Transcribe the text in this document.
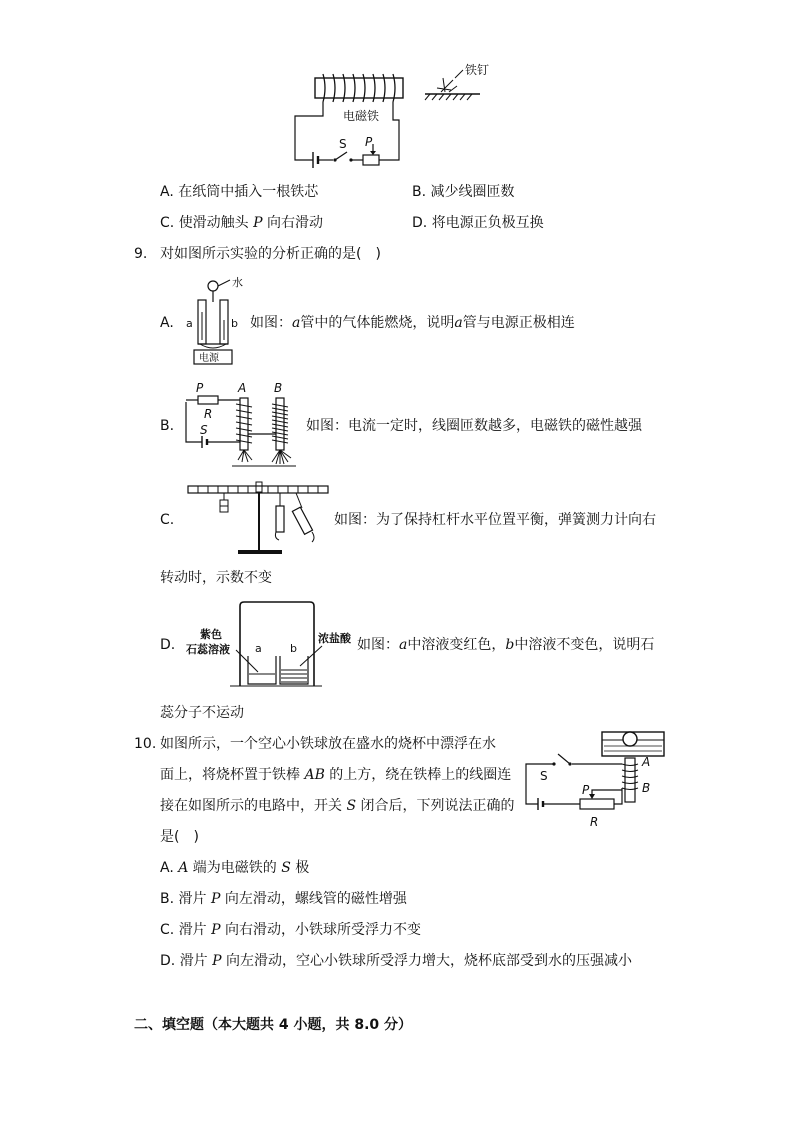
电磁铁
S P
铁钉
A. 在纸筒中插入一根铁芯	B. 减少线圈匝数
C. 使滑动触头 P 向右滑动	D. 将电源正负极互换
9. 对如图所示实验的分析正确的是(　)
A.
水
a	b
电源
如图：a管中的气体能燃烧，说明a管与电源正极相连
B.
P
R
S
A B
如图：电流一定时，线圈匝数越多，电磁铁的磁性越强
C.	如图：为了保持杠杆水平位置平衡，弹簧测力计向右
转动时，示数不变
D.	a	b
紫色
石蕊溶液
浓盐酸 如图：a中溶液变红色，b中溶液不变色，说明石
蕊分子不运动
10. 如图所示，一个空心小铁球放在盛水的烧杯中漂浮在水
面上，将烧杯置于铁棒 AB 的上方，绕在铁棒上的线圈连
接在如图所示的电路中，开关 S 闭合后，下列说法正确的
是(　)
A
B
S
P
R
A. A 端为电磁铁的 S 极
B. 滑片 P 向左滑动，螺线管的磁性增强
C. 滑片 P 向右滑动，小铁球所受浮力不变
D. 滑片 P 向左滑动，空心小铁球所受浮力增大，烧杯底部受到水的压强减小
二、填空题（本大题共 4 小题，共 8.0 分）
